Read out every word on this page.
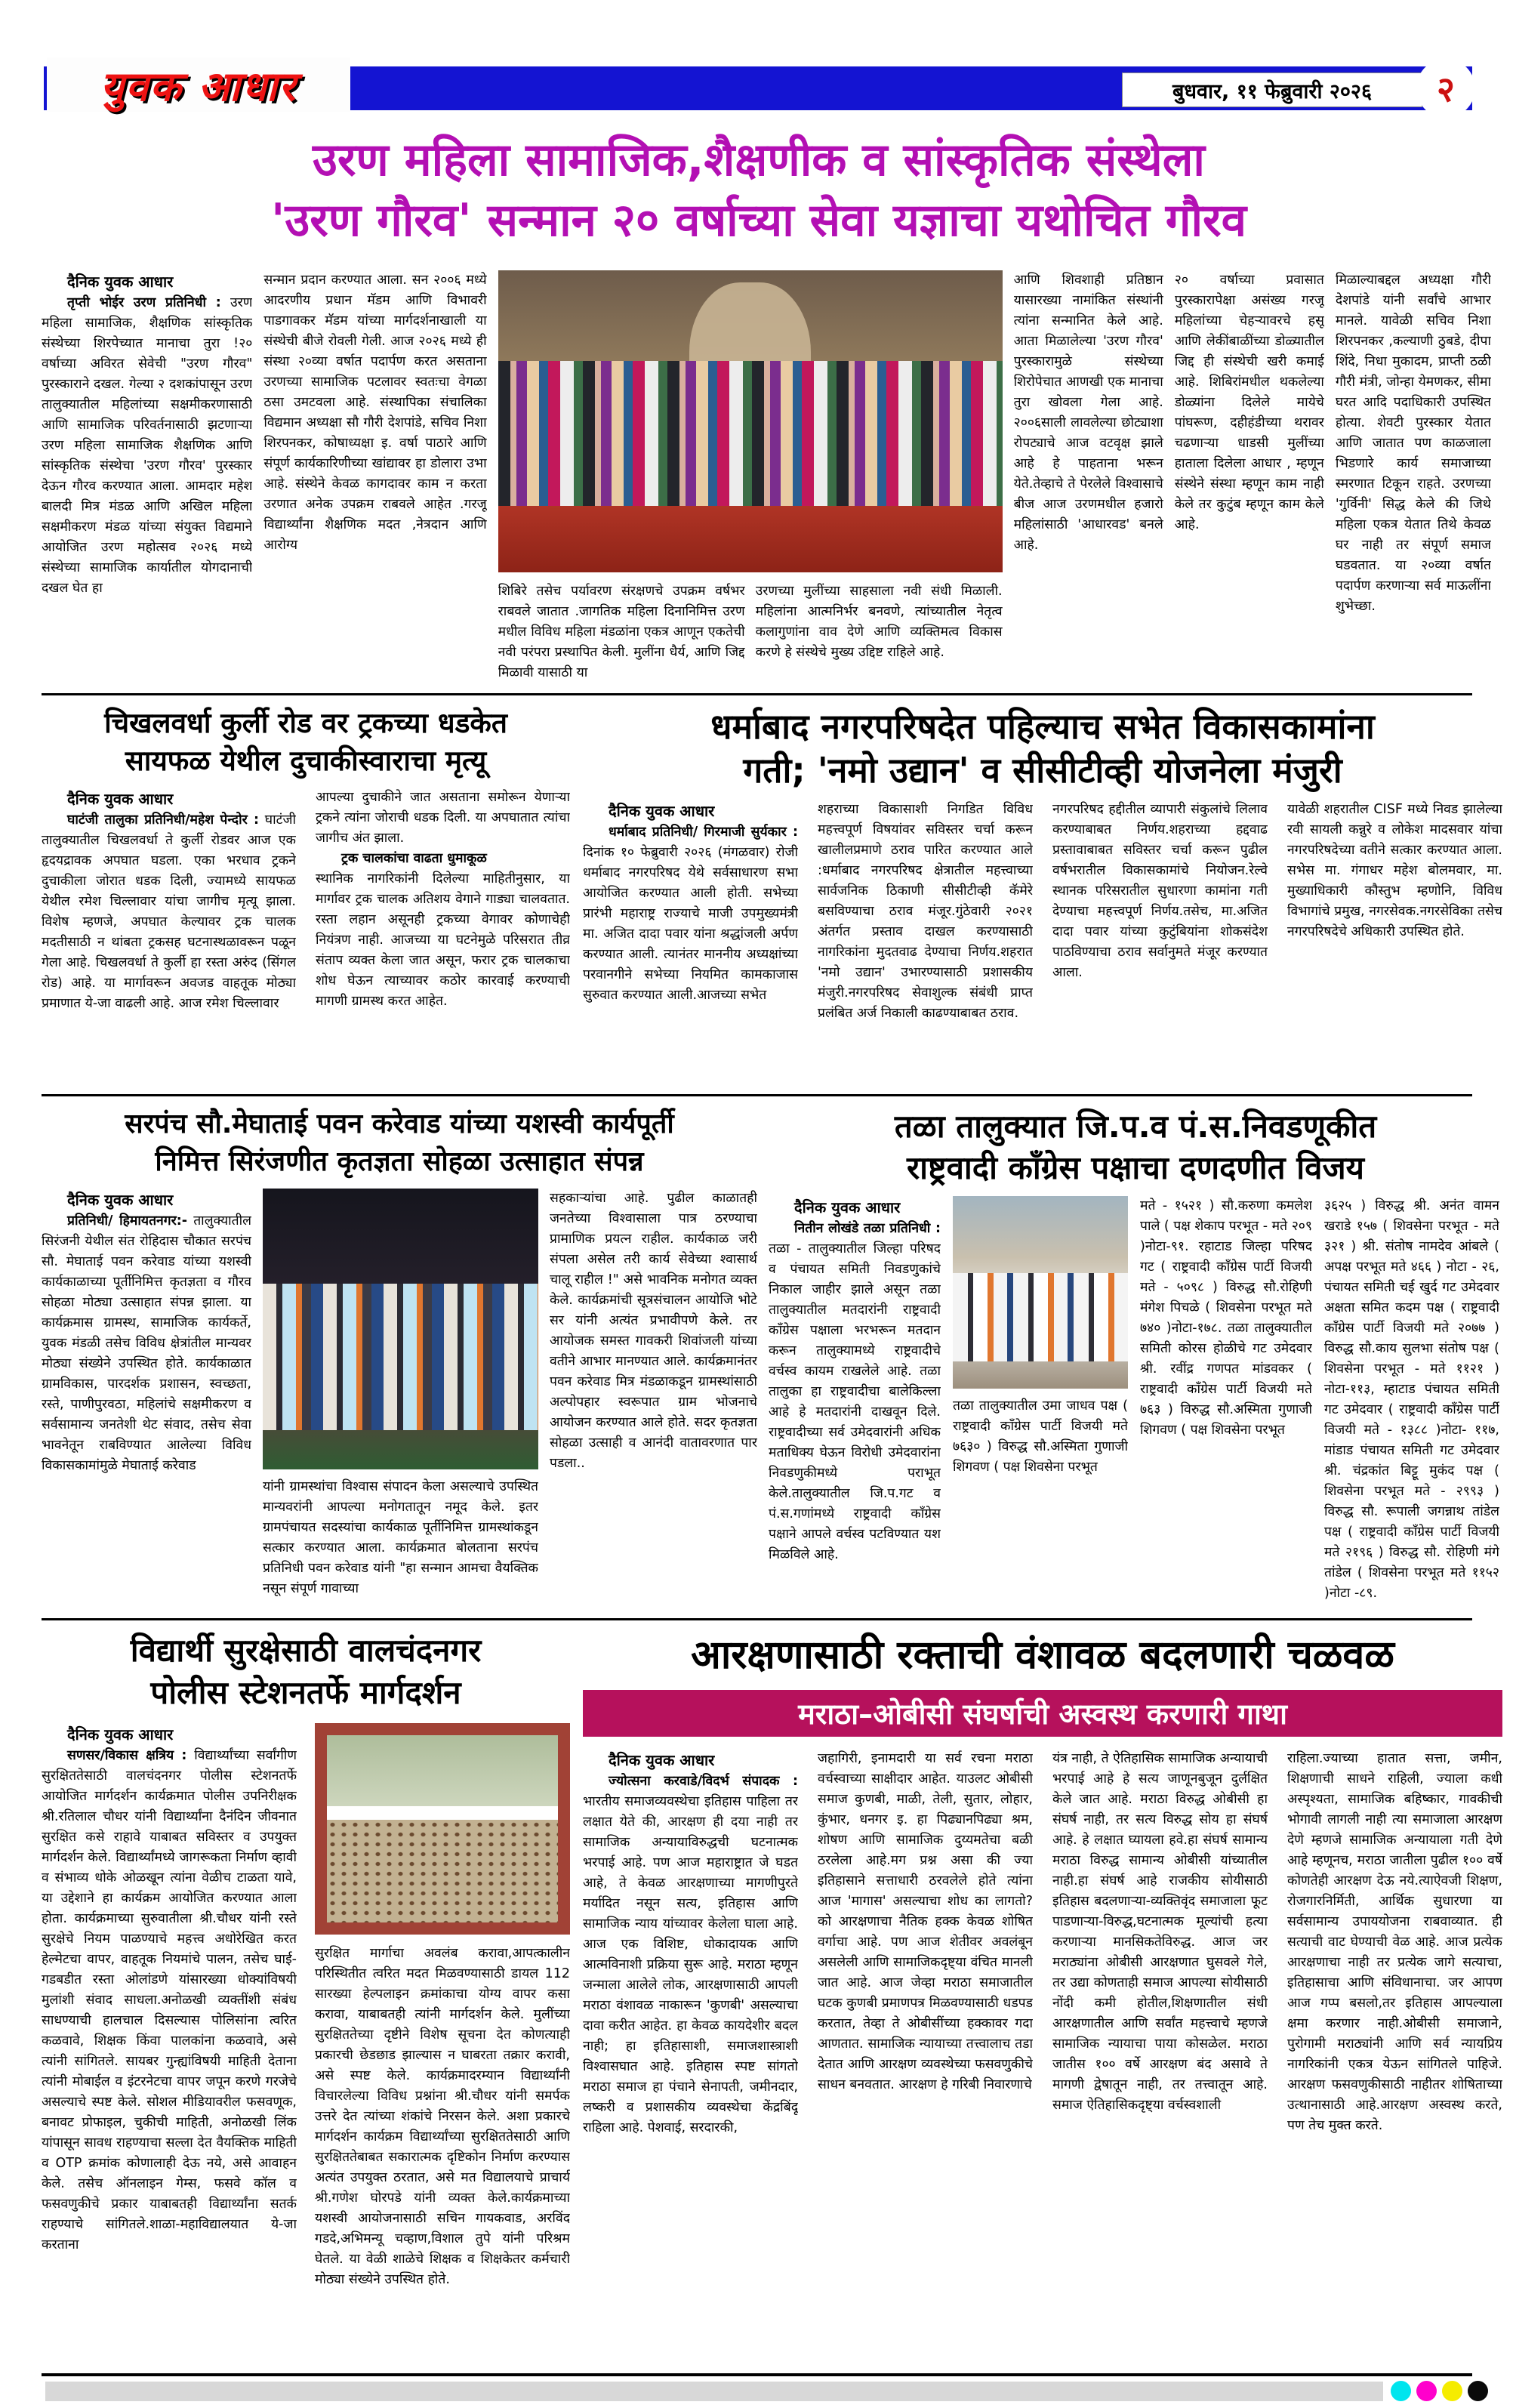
युवक आधार	बुधवार, ११ फेब्रुवारी २०२६ २
उरण महिला सामाजिक,शैक्षणीक व सांस्कृतिक संस्थेला
'उरण गौरव' सन्मान २० वर्षाच्या सेवा यज्ञाचा यथोचित गौरव
दैनिक युवक आधार

तृप्ती भोईर उरण प्रतिनिधी : उरण महिला सामाजिक, शैक्षणिक सांस्कृतिक संस्थेच्या शिरपेच्यात मानाचा तुरा !२० वर्षाच्या अविरत सेवेची "उरण गौरव" पुरस्काराने दखल. गेल्या २ दशकांपासून उरण तालुक्यातील महिलांच्या सक्षमीकरणासाठी आणि सामाजिक परिवर्तनासाठी झटणाऱ्या उरण महिला सामाजिक शैक्षणिक आणि सांस्कृतिक संस्थेचा 'उरण गौरव' पुरस्कार देऊन गौरव करण्यात आला. आमदार महेश बालदी मित्र मंडळ आणि अखिल महिला सक्षमीकरण मंडळ यांच्या संयुक्त विद्यमाने आयोजित उरण महोत्सव २०२६ मध्ये संस्थेच्या सामाजिक कार्यातील योगदानाची दखल घेत हा

सन्मान प्रदान करण्यात आला. सन २००६ मध्ये आदरणीय प्रधान मॅडम आणि विभावरी पाडगावकर मॅडम यांच्या मार्गदर्शनाखाली या संस्थेची बीजे रोवली गेली. आज २०२६ मध्ये ही संस्था २०व्या वर्षात पदार्पण करत असताना उरणच्या सामाजिक पटलावर स्वतःचा वेगळा ठसा उमटवला आहे. संस्थापिका संचालिका विद्यमान अध्यक्षा सौ गौरी देशपांडे, सचिव निशा शिरपनकर, कोषाध्यक्षा इ. वर्षा पाठारे आणि संपूर्ण कार्यकारिणीच्या खांद्यावर हा डोलारा उभा आहे. संस्थेने केवळ कागदावर काम न करता उरणात अनेक उपक्रम राबवले आहेत .गरजू विद्यार्थ्यांना शैक्षणिक मदत ,नेत्रदान आणि आरोग्य
शिबिरे तसेच पर्यावरण संरक्षणचे उपक्रम वर्षभर राबवले जातात .जागतिक महिला दिनानिमित्त उरण मधील विविध महिला मंडळांना एकत्र आणून एकतेची नवी परंपरा प्रस्थापित केली. मुलींना धैर्य, आणि जिद्द मिळावी यासाठी या
उरणच्या मुलींच्या साहसाला नवी संधी मिळाली. महिलांना आत्मनिर्भर बनवणे, त्यांच्यातील नेतृत्व कलागुणांना वाव देणे आणि व्यक्तिमत्व विकास करणे हे संस्थेचे मुख्य उद्दिष्ट राहिले आहे.
आणि शिवशाही प्रतिष्ठान यासारख्या नामांकित संस्थांनी त्यांना सन्मानित केले आहे. आता मिळालेल्या 'उरण गौरव' पुरस्कारामुळे संस्थेच्या शिरोपेचात आणखी एक मानाचा तुरा खोवला गेला आहे. २००६साली लावलेल्या छोट्याशा रोपट्याचे आज वटवृक्ष झाले आहे हे पाहताना भरून येते.तेव्हाचे ते पेरलेले विश्वासाचे बीज आज उरणमधील हजारो महिलांसाठी 'आधारवड' बनले आहे.
२० वर्षाच्या प्रवासात पुरस्कारापेक्षा असंख्य गरजू महिलांच्या चेहऱ्यावरचे हसू आणि लेकींबाळींच्या डोळ्यातील जिद्द ही संस्थेची खरी कमाई आहे. शिबिरांमधील थकलेल्या डोळ्यांना दिलेले मायेचे पांघरूण, दहीहंडीच्या थरावर चढणाऱ्या धाडसी मुलींच्या हाताला दिलेला आधार , म्हणून संस्थेने संस्था म्हणून काम नाही केले तर कुटुंब म्हणून काम केले आहे.
मिळाल्याबद्दल अध्यक्षा गौरी देशपांडे यांनी सर्वांचे आभार मानले. यावेळी सचिव निशा शिरपनकर ,कल्याणी ठुबडे, दीपा शिंदे, निधा मुकादम, प्राप्ती ठळी गौरी मंत्री, जोन्हा येमणकर, सीमा घरत आदि पदाधिकारी उपस्थित होत्या. शेवटी पुरस्कार येतात आणि जातात पण काळजाला भिडणारे कार्य समाजाच्या स्मरणात टिकून राहते. उरणच्या 'गुर्विनी' सिद्ध केले की जिथे महिला एकत्र येतात तिथे केवळ घर नाही तर संपूर्ण समाज घडवतात. या २०व्या वर्षात पदार्पण करणाऱ्या सर्व माऊलींना शुभेच्छा.
चिखलवर्धा कुर्ली रोड वर ट्रकच्या धडकेत
सायफळ येथील दुचाकीस्वाराचा मृत्यू
दैनिक युवक आधार

घाटंजी तालुका प्रतिनिधी/महेश पेन्दोर : घाटंजी तालुक्यातील चिखलवर्धा ते कुर्ली रोडवर आज एक हृदयद्रावक अपघात घडला. एका भरधाव ट्रकने दुचाकीला जोरात धडक दिली, ज्यामध्ये सायफळ येथील रमेश चिल्लावार यांचा जागीच मृत्यू झाला. विशेष म्हणजे, अपघात केल्यावर ट्रक चालक मदतीसाठी न थांबता ट्रकसह घटनास्थळावरून पळून गेला आहे. चिखलवर्धा ते कुर्ली हा रस्ता अरुंद (सिंगल रोड) आहे. या मार्गावरून अवजड वाहतूक मोठ्या प्रमाणात ये-जा वाढली आहे. आज रमेश चिल्लावार

आपल्या दुचाकीने जात असताना समोरून येणाऱ्या ट्रकने त्यांना जोराची धडक दिली. या अपघातात त्यांचा जागीच अंत झाला.
ट्रक चालकांचा वाढता धुमाकूळ
स्थानिक नागरिकांनी दिलेल्या माहितीनुसार, या मार्गावर ट्रक चालक अतिशय वेगाने गाड्या चालवतात. रस्ता लहान असूनही ट्रकच्या वेगावर कोणाचेही नियंत्रण नाही. आजच्या या घटनेमुळे परिसरात तीव्र संताप व्यक्त केला जात असून, फरार ट्रक चालकाचा शोध घेऊन त्याच्यावर कठोर कारवाई करण्याची मागणी ग्रामस्थ करत आहेत.
धर्माबाद नगरपरिषदेत पहिल्याच सभेत विकासकामांना
गती; 'नमो उद्यान' व सीसीटीव्ही योजनेला मंजुरी
दैनिक युवक आधार

धर्माबाद प्रतिनिधी/ गिरमाजी सुर्यकार : दिनांक १० फेब्रुवारी २०२६ (मंगळवार) रोजी धर्माबाद नगरपरिषद येथे सर्वसाधारण सभा आयोजित करण्यात आली होती. सभेच्या प्रारंभी महाराष्ट्र राज्याचे माजी उपमुख्यमंत्री मा. अजित दादा पवार यांना श्रद्धांजली अर्पण करण्यात आली. त्यानंतर माननीय अध्यक्षांच्या परवानगीने सभेच्या नियमित कामकाजास सुरुवात करण्यात आली.आजच्या सभेत

शहराच्या विकासाशी निगडित विविध महत्त्वपूर्ण विषयांवर सविस्तर चर्चा करून खालीलप्रमाणे ठराव पारित करण्यात आले :धर्माबाद नगरपरिषद क्षेत्रातील महत्त्वाच्या सार्वजनिक ठिकाणी सीसीटीव्ही कॅमेरे बसविण्याचा ठराव मंजूर.गुंठेवारी २०२१ अंतर्गत प्रस्ताव दाखल करण्यासाठी नागरिकांना मुदतवाढ देण्याचा निर्णय.शहरात 'नमो उद्यान' उभारण्यासाठी प्रशासकीय मंजुरी.नगरपरिषद सेवाशुल्क संबंधी प्राप्त प्रलंबित अर्ज निकाली काढण्याबाबत ठराव.
नगरपरिषद हद्दीतील व्यापारी संकुलांचे लिलाव करण्याबाबत निर्णय.शहराच्या हद्दवाढ प्रस्तावाबाबत सविस्तर चर्चा करून पुढील वर्षभरातील विकासकामांचे नियोजन.रेल्वे स्थानक परिसरातील सुधारणा कामांना गती देण्याचा महत्त्वपूर्ण निर्णय.तसेच, मा.अजित दादा पवार यांच्या कुटुंबियांना शोकसंदेश पाठविण्याचा ठराव सर्वानुमते मंजूर करण्यात आला.
यावेळी शहरातील CISF मध्ये निवड झालेल्या रवी सायली कन्नुरे व लोकेश मादसवार यांचा नगरपरिषदेच्या वतीने सत्कार करण्यात आला. सभेस मा. गंगाधर महेश बोलमवार, मा. मुख्याधिकारी कौस्तुभ म्हणोनि, विविध विभागांचे प्रमुख, नगरसेवक.नगरसेविका तसेच नगरपरिषदेचे अधिकारी उपस्थित होते.
सरपंच सौ.मेघाताई पवन करेवाड यांच्या यशस्वी कार्यपूर्ती
निमित्त सिरंजणीत कृतज्ञता सोहळा उत्साहात संपन्न
दैनिक युवक आधार

प्रतिनिधी/ हिमायतनगर:- तालुक्यातील सिरंजनी येथील संत रोहिदास चौकात सरपंच सौ. मेघाताई पवन करेवाड यांच्या यशस्वी कार्यकाळाच्या पूर्तीनिमित्त कृतज्ञता व गौरव सोहळा मोठ्या उत्साहात संपन्न झाला. या कार्यक्रमास ग्रामस्थ, सामाजिक कार्यकर्ते, युवक मंडळी तसेच विविध क्षेत्रांतील मान्यवर मोठ्या संख्येने उपस्थित होते. कार्यकाळात ग्रामविकास, पारदर्शक प्रशासन, स्वच्छता, रस्ते, पाणीपुरवठा, महिलांचे सक्षमीकरण व सर्वसामान्य जनतेशी थेट संवाद, तसेच सेवा भावनेतून राबविण्यात आलेल्या विविध विकासकामांमुळे मेघाताई करेवाड

यांनी ग्रामस्थांचा विश्वास संपादन केला असल्याचे उपस्थित मान्यवरांनी आपल्या मनोगतातून नमूद केले. इतर ग्रामपंचायत सदस्यांचा कार्यकाळ पूर्तीनिमित्त ग्रामस्थांकडून सत्कार करण्यात आला. कार्यक्रमात बोलताना सरपंच प्रतिनिधी पवन करेवाड यांनी "हा सन्मान आमचा वैयक्तिक नसून संपूर्ण गावाच्या
सहकाऱ्यांचा आहे. पुढील काळातही जनतेच्या विश्वासाला पात्र ठरण्याचा प्रामाणिक प्रयत्न राहील. कार्यकाळ जरी संपला असेल तरी कार्य सेवेच्या श्वासार्थ चालू राहील !" असे भावनिक मनोगत व्यक्त केले. कार्यक्रमांची सूत्रसंचालन आयोजि भोटे सर यांनी अत्यंत प्रभावीपणे केले. तर आयोजक समस्त गावकरी शिवांजली यांच्या वतीने आभार मानण्यात आले. कार्यक्रमानंतर पवन करेवाड मित्र मंडळाकडून ग्रामस्थांसाठी अल्पोपहार स्वरूपात ग्राम भोजनाचे आयोजन करण्यात आले होते. सदर कृतज्ञता सोहळा उत्साही व आनंदी वातावरणात पार पडला..
तळा तालुक्यात जि.प.व पं.स.निवडणूकीत
राष्ट्रवादी काँग्रेस पक्षाचा दणदणीत विजय
दैनिक युवक आधार

नितीन लोखंडे तळा प्रतिनिधी : तळा - तालुक्यातील जिल्हा परिषद व पंचायत समिती निवडणुकांचे निकाल जाहीर झाले असून तळा तालुक्यातील मतदारांनी राष्ट्रवादी काँग्रेस पक्षाला भरभरून मतदान करून तालुक्यामध्ये राष्ट्रवादीचे वर्चस्व कायम राखलेले आहे. तळा तालुका हा राष्ट्रवादीचा बालेकिल्ला आहे हे मतदारांनी दाखवून दिले. राष्ट्रवादीच्या सर्व उमेदवारांनी अधिक मताधिक्य घेऊन विरोधी उमेदवारांना निवडणुकीमध्ये पराभूत केले.तालुक्यातील जि.प.गट व पं.स.गणांमध्ये राष्ट्रवादी काँग्रेस पक्षाने आपले वर्चस्व पटविण्यात यश मिळविले आहे.

तळा तालुक्यातील उमा जाधव पक्ष ( राष्ट्रवादी काँग्रेस पार्टी विजयी मते ७६३० ) विरुद्ध सौ.अस्मिता गुणाजी शिगवण ( पक्ष शिवसेना परभूत
मते - १५२१ ) सौ.करुणा कमलेश पाले ( पक्ष शेकाप परभूत - मते २०९ )नोटा-९१. रहाटाड जिल्हा परिषद गट ( राष्ट्रवादी काँग्रेस पार्टी विजयी मते - ५०९८ ) विरुद्ध सौ.रोहिणी मंगेश पिचळे ( शिवसेना परभूत मते ७४० )नोटा-१७८. तळा तालुक्यातील समिती कोरस होळीचे गट उमेदवार श्री. रवींद्र गणपत मांडवकर ( राष्ट्रवादी काँग्रेस पार्टी विजयी मते ७६३ ) विरुद्ध सौ.अस्मिता गुणाजी शिगवण ( पक्ष शिवसेना परभूत
३६२५ ) विरुद्ध श्री. अनंत वामन खराडे १५७ ( शिवसेना परभूत - मते ३२१ ) श्री. संतोष नामदेव आंबले ( अपक्ष परभूत मते ४६६ ) नोटा - २६, पंचायत समिती चर्ई खुर्द गट उमेदवार अक्षता समित कदम पक्ष ( राष्ट्रवादी काँग्रेस पार्टी विजयी मते २०७७ ) विरुद्ध सौ.काय सुलभा संतोष पक्ष ( शिवसेना परभूत - मते ११२१ ) नोटा-११३, म्हाटाड पंचायत समिती गट उमेदवार ( राष्ट्रवादी काँग्रेस पार्टी विजयी मते - १३८८ )नोटा- ११७, मांडाड पंचायत समिती गट उमेदवार श्री. चंद्रकांत बिट्टू मुकंद पक्ष ( शिवसेना परभूत मते - २९९३ ) विरुद्ध सौ. रूपाली जगन्नाथ तांडेल पक्ष ( राष्ट्रवादी काँग्रेस पार्टी विजयी मते २१९६ ) विरुद्ध सौ. रोहिणी मंगे तांडेल ( शिवसेना परभूत मते ११५२ )नोटा -८९.
विद्यार्थी सुरक्षेसाठी वालचंदनगर
पोलीस स्टेशनतर्फे मार्गदर्शन
दैनिक युवक आधार

सणसर/विकास क्षत्रिय : विद्यार्थ्यांच्या सर्वांगीण सुरक्षिततेसाठी वालचंदनगर पोलीस स्टेशनतर्फे आयोजित मार्गदर्शन कार्यक्रमात पोलीस उपनिरीक्षक श्री.रतिलाल चौधर यांनी विद्यार्थ्यांना दैनंदिन जीवनात सुरक्षित कसे राहावे याबाबत सविस्तर व उपयुक्त मार्गदर्शन केले. विद्यार्थ्यांमध्ये जागरूकता निर्माण व्हावी व संभाव्य धोके ओळखून त्यांना वेळीच टाळता यावे, या उद्देशाने हा कार्यक्रम आयोजित करण्यात आला होता. कार्यक्रमाच्या सुरुवातीला श्री.चौधर यांनी रस्ते सुरक्षेचे नियम पाळण्याचे महत्त्व अधोरेखित करत हेल्मेटचा वापर, वाहतूक नियमांचे पालन, तसेच घाई-गडबडीत रस्ता ओलांडणे यांसारख्या धोक्यांविषयी मुलांशी संवाद साधला.अनोळखी व्यक्तींशी संबंध साधण्याची हालचाल दिसल्यास पोलिसांना त्वरित कळवावे, शिक्षक किंवा पालकांना कळवावे, असे त्यांनी सांगितले. सायबर गुन्ह्यांविषयी माहिती देताना त्यांनी मोबाईल व इंटरनेटचा वापर जपून करणे गरजेचे असल्याचे स्पष्ट केले. सोशल मीडियावरील फसवणूक, बनावट प्रोफाइल, चुकीची माहिती, अनोळखी लिंक यांपासून सावध राहण्याचा सल्ला देत वैयक्तिक माहिती व OTP क्रमांक कोणालाही देऊ नये, असे आवाहन केले. तसेच ऑनलाइन गेम्स, फसवे कॉल व फसवणुकीचे प्रकार याबाबतही विद्यार्थ्यांना सतर्क राहण्याचे सांगितले.शाळा-महाविद्यालयात ये-जा करताना

सुरक्षित मार्गाचा अवलंब करावा,आपत्कालीन परिस्थितीत त्वरित मदत मिळवण्यासाठी डायल 112 सारख्या हेल्पलाइन क्रमांकाचा योग्य वापर कसा करावा, याबाबतही त्यांनी मार्गदर्शन केले. मुलींच्या सुरक्षिततेच्या दृष्टीने विशेष सूचना देत कोणत्याही प्रकारची छेडछाड झाल्यास न घाबरता तक्रार करावी, असे स्पष्ट केले. कार्यक्रमादरम्यान विद्यार्थ्यांनी विचारलेल्या विविध प्रश्नांना श्री.चौधर यांनी समर्पक उत्तरे देत त्यांच्या शंकांचे निरसन केले. अशा प्रकारचे मार्गदर्शन कार्यक्रम विद्यार्थ्यांच्या सुरक्षिततेसाठी आणि सुरक्षिततेबाबत सकारात्मक दृष्टिकोन निर्माण करण्यास अत्यंत उपयुक्त ठरतात, असे मत विद्यालयाचे प्राचार्य श्री.गणेश घोरपडे यांनी व्यक्त केले.कार्यक्रमाच्या यशस्वी आयोजनासाठी सचिन गायकवाड, अरविंद गडदे,अभिमन्यू चव्हाण,विशाल तुपे यांनी परिश्रम घेतले. या वेळी शाळेचे शिक्षक व शिक्षकेतर कर्मचारी मोठ्या संख्येने उपस्थित होते.
आरक्षणासाठी रक्ताची वंशावळ बदलणारी चळवळ
मराठा–ओबीसी संघर्षाची अस्वस्थ करणारी गाथा
दैनिक युवक आधार

ज्योत्सना करवाडे/विदर्भ संपादक : भारतीय समाजव्यवस्थेचा इतिहास पाहिला तर लक्षात येते की, आरक्षण ही दया नाही तर सामाजिक अन्यायाविरुद्धची घटनात्मक भरपाई आहे. पण आज महाराष्ट्रात जे घडत आहे, ते केवळ आरक्षणाच्या मागणीपुरते मर्यादित नसून सत्य, इतिहास आणि सामाजिक न्याय यांच्यावर केलेला घाला आहे. आज एक विशिष्ट, धोकादायक आणि आत्मविनाशी प्रक्रिया सुरू आहे. मराठा म्हणून जन्माला आलेले लोक, आरक्षणासाठी आपली मराठा वंशावळ नाकारून 'कुणबी' असल्याचा दावा करीत आहेत. हा केवळ कायदेशीर बदल नाही; हा इतिहासाशी, समाजशास्त्राशी विश्वासघात आहे. इतिहास स्पष्ट सांगतो मराठा समाज हा पंचाने सेनापती, जमीनदार, लष्करी व प्रशासकीय व्यवस्थेचा केंद्रबिंदू राहिला आहे. पेशवाई, सरदारकी,

जहागिरी, इनामदारी या सर्व रचना मराठा वर्चस्वाच्या साक्षीदार आहेत. याउलट ओबीसी समाज कुणबी, माळी, तेली, सुतार, लोहार, कुंभार, धनगर इ. हा पिढ्यानपिढ्या श्रम, शोषण आणि सामाजिक दुय्यमतेचा बळी ठरलेला आहे.मग प्रश्न असा की ज्या इतिहासाने सत्ताधारी ठरवलेले होते त्यांना आज 'मागास' असल्याचा शोध का लागतो?को आरक्षणाचा नैतिक हक्क केवळ शोषित वर्गाचा आहे. पण आज शेतीवर अवलंबून असलेली आणि सामाजिकदृष्ट्या वंचित मानली जात आहे. आज जेव्हा मराठा समाजातील घटक कुणबी प्रमाणपत्र मिळवण्यासाठी धडपड करतात, तेव्हा ते ओबीसींच्या हक्कावर गदा आणतात. सामाजिक न्यायाच्या तत्त्वालाच तडा देतात आणि आरक्षण व्यवस्थेच्या फसवणुकीचे साधन बनवतात. आरक्षण हे गरिबी निवारणाचे
यंत्र नाही, ते ऐतिहासिक सामाजिक अन्यायाची भरपाई आहे हे सत्य जाणूनबुजून दुर्लक्षित केले जात आहे. मराठा विरुद्ध ओबीसी हा संघर्ष नाही, तर सत्य विरुद्ध सोय हा संघर्ष आहे. हे लक्षात घ्यायला हवे.हा संघर्ष सामान्य मराठा विरुद्ध सामान्य ओबीसी यांच्यातील नाही.हा संघर्ष आहे राजकीय सोयीसाठी इतिहास बदलणाऱ्या-व्यक्तिवृंद समाजाला फूट पाडणाऱ्या-विरुद्ध,घटनात्मक मूल्यांची हत्या करणाऱ्या मानसिकतेविरुद्ध. आज जर मराठ्यांना ओबीसी आरक्षणात घुसवले गेले, तर उद्या कोणताही समाज आपल्या सोयीसाठी नोंदी कमी होतील,शिक्षणातील संधी आरक्षणातील आणि सर्वांत महत्त्वाचे म्हणजे सामाजिक न्यायाचा पाया कोसळेल. मराठा जातीस १०० वर्षे आरक्षण बंद असावे ते मागणी द्वेषातून नाही, तर तत्त्वातून आहे. समाज ऐतिहासिकदृष्ट्या वर्चस्वशाली
राहिला.ज्याच्या हातात सत्ता, जमीन, शिक्षणाची साधने राहिली, ज्याला कधी अस्पृश्यता, सामाजिक बहिष्कार, गावकीची भोगावी लागली नाही त्या समाजाला आरक्षण देणे म्हणजे सामाजिक अन्यायाला गती देणे आहे म्हणूनच, मराठा जातीला पुढील १०० वर्षे कोणतेही आरक्षण देऊ नये.त्याऐवजी शिक्षण, रोजगारनिर्मिती, आर्थिक सुधारणा या सर्वसामान्य उपाययोजना राबवाव्यात. ही सत्याची वाट घेण्याची वेळ आहे. आज प्रत्येक आरक्षणाचा नाही तर प्रत्येक जागे सत्याचा, इतिहासाचा आणि संविधानाचा. जर आपण आज गप्प बसलो,तर इतिहास आपल्याला क्षमा करणार नाही.ओबीसी समाजाने, पुरोगामी मराठ्यांनी आणि सर्व न्यायप्रिय नागरिकांनी एकत्र येऊन सांगितले पाहिजे. आरक्षण फसवणुकीसाठी नाहीतर शोषिताच्या उत्थानासाठी आहे.आरक्षण अस्वस्थ करते, पण तेच मुक्त करते.
